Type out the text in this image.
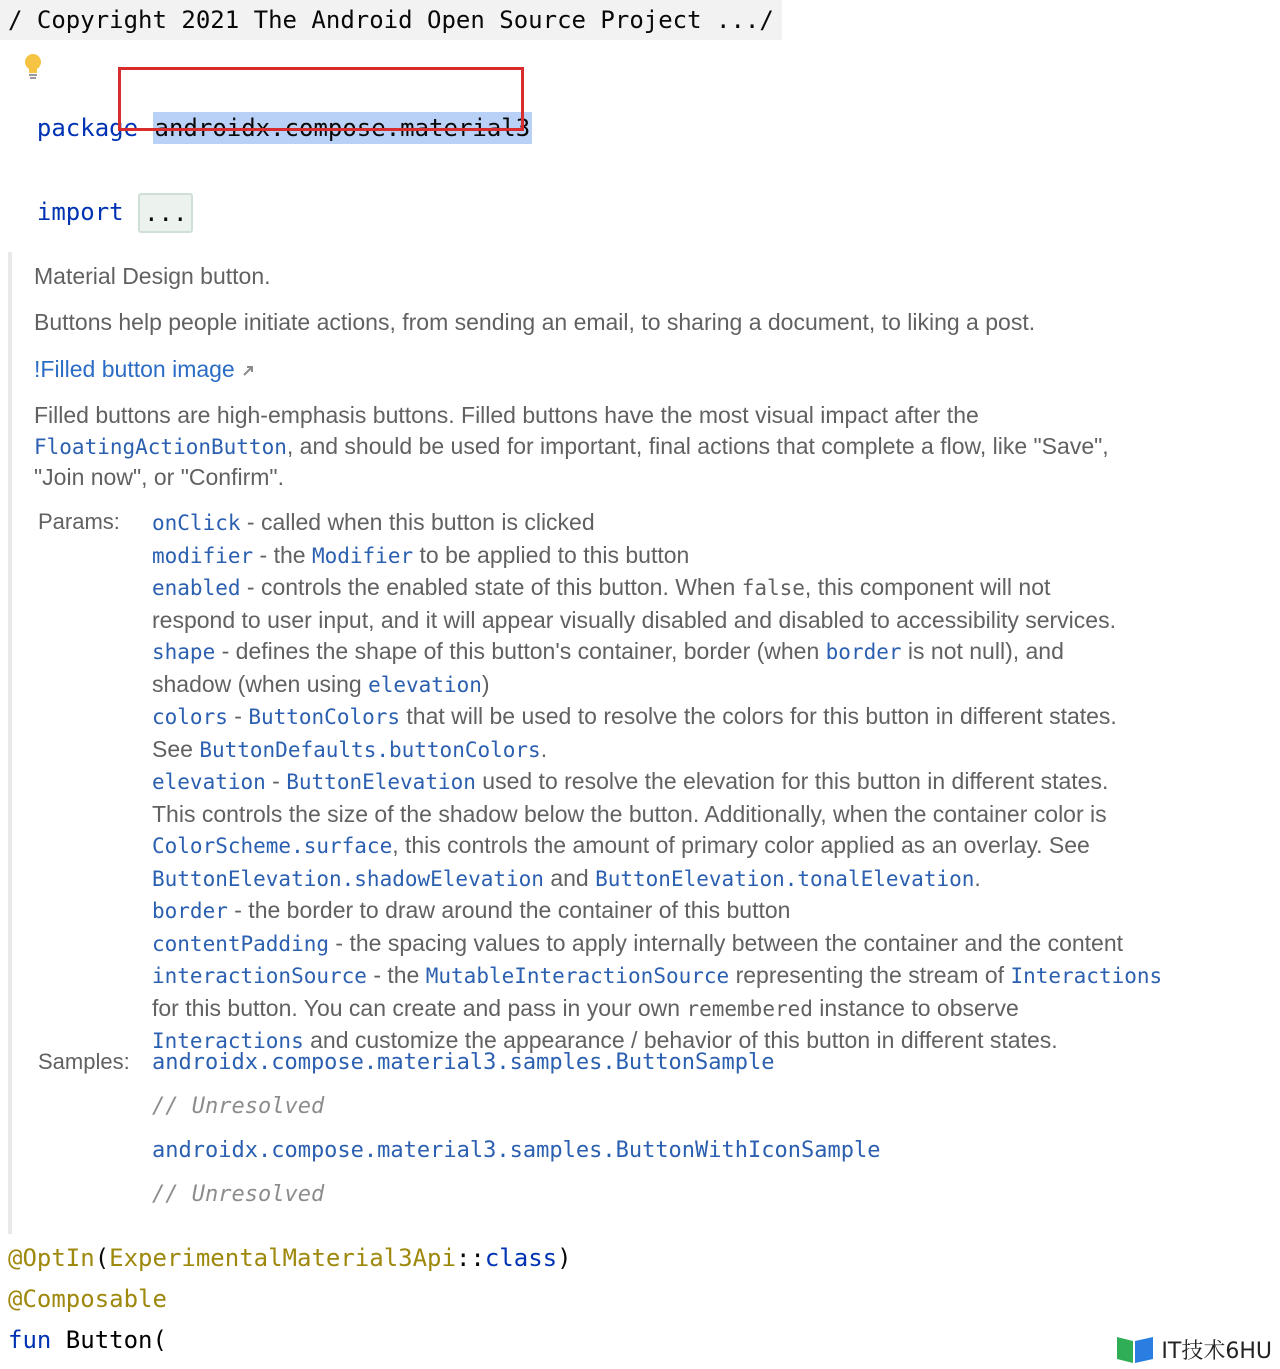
/ Copyright 2021 The Android Open Source Project .../

package androidx.compose.material3

import ...

Material Design button.

Buttons help people initiate actions, from sending an email, to sharing a document, to liking a post.

!Filled button image

Filled buttons are high-emphasis buttons. Filled buttons have the most visual impact after the

FloatingActionButton, and should be used for important, final actions that complete a flow, like "Save",

"Join now", or "Confirm".

Params: onClick - called when this button is clicked
modifier - the Modifier to be applied to this button
enabled - controls the enabled state of this button. When false, this component will not
respond to user input, and it will appear visually disabled and disabled to accessibility services.
shape - defines the shape of this button's container, border (when border is not null), and
shadow (when using elevation)
colors - ButtonColors that will be used to resolve the colors for this button in different states.
See ButtonDefaults.buttonColors.
elevation - ButtonElevation used to resolve the elevation for this button in different states.
This controls the size of the shadow below the button. Additionally, when the container color is
ColorScheme.surface, this controls the amount of primary color applied as an overlay. See
ButtonElevation.shadowElevation and ButtonElevation.tonalElevation.
border - the border to draw around the container of this button
contentPadding - the spacing values to apply internally between the container and the content
interactionSource - the MutableInteractionSource representing the stream of Interactions
for this button. You can create and pass in your own remembered instance to observe
Interactions and customize the appearance / behavior of this button in different states.
Samples: androidx.compose.material3.samples.ButtonSample
// Unresolved
androidx.compose.material3.samples.ButtonWithIconSample
// Unresolved
@OptIn(ExperimentalMaterial3Api::class)
@Composable
fun Button(	IT技术6HU
